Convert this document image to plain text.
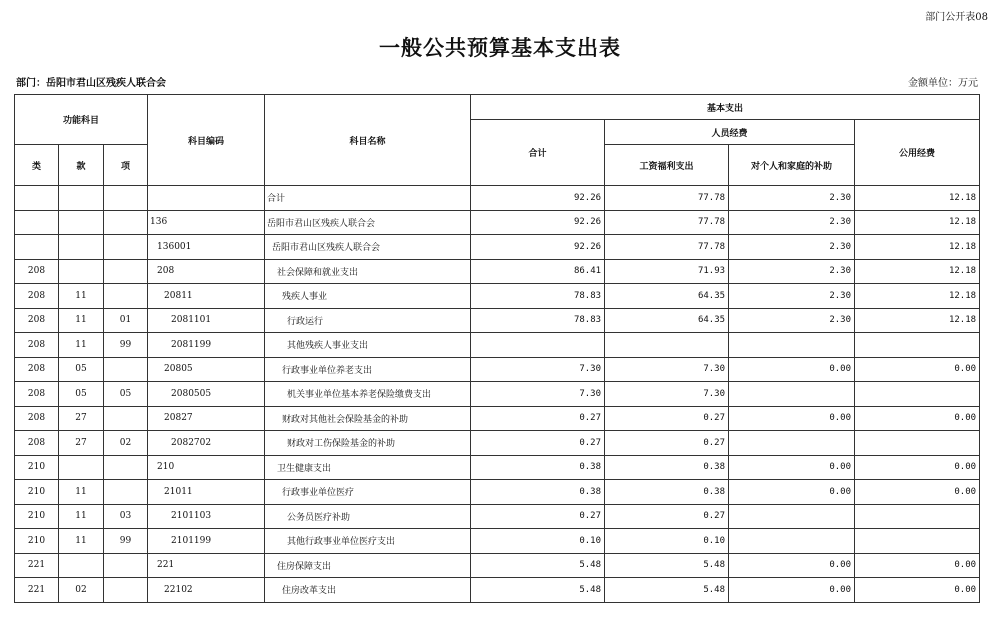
部门公开表08
一般公共预算基本支出表
部门：岳阳市君山区残疾人联合会	金额单位：万元
功能科目			科目编码	科目名称	基本支出			
					合计	人员经费		公用经费
类	款	项				工资福利支出	对个人和家庭的补助	
				合计	92.26	77.78	2.30	12.18
			136	岳阳市君山区残疾人联合会	92.26	77.78	2.30	12.18
			136001	岳阳市君山区残疾人联合会	92.26	77.78	2.30	12.18
208			208	社会保障和就业支出	86.41	71.93	2.30	12.18
208	11		20811	残疾人事业	78.83	64.35	2.30	12.18
208	11	01	2081101	行政运行	78.83	64.35	2.30	12.18
208	11	99	2081199	其他残疾人事业支出				
208	05		20805	行政事业单位养老支出	7.30	7.30	0.00	0.00
208	05	05	2080505	机关事业单位基本养老保险缴费支出	7.30	7.30		
208	27		20827	财政对其他社会保险基金的补助	0.27	0.27	0.00	0.00
208	27	02	2082702	财政对工伤保险基金的补助	0.27	0.27		
210			210	卫生健康支出	0.38	0.38	0.00	0.00
210	11		21011	行政事业单位医疗	0.38	0.38	0.00	0.00
210	11	03	2101103	公务员医疗补助	0.27	0.27		
210	11	99	2101199	其他行政事业单位医疗支出	0.10	0.10		
221			221	住房保障支出	5.48	5.48	0.00	0.00
221	02		22102	住房改革支出	5.48	5.48	0.00	0.00
